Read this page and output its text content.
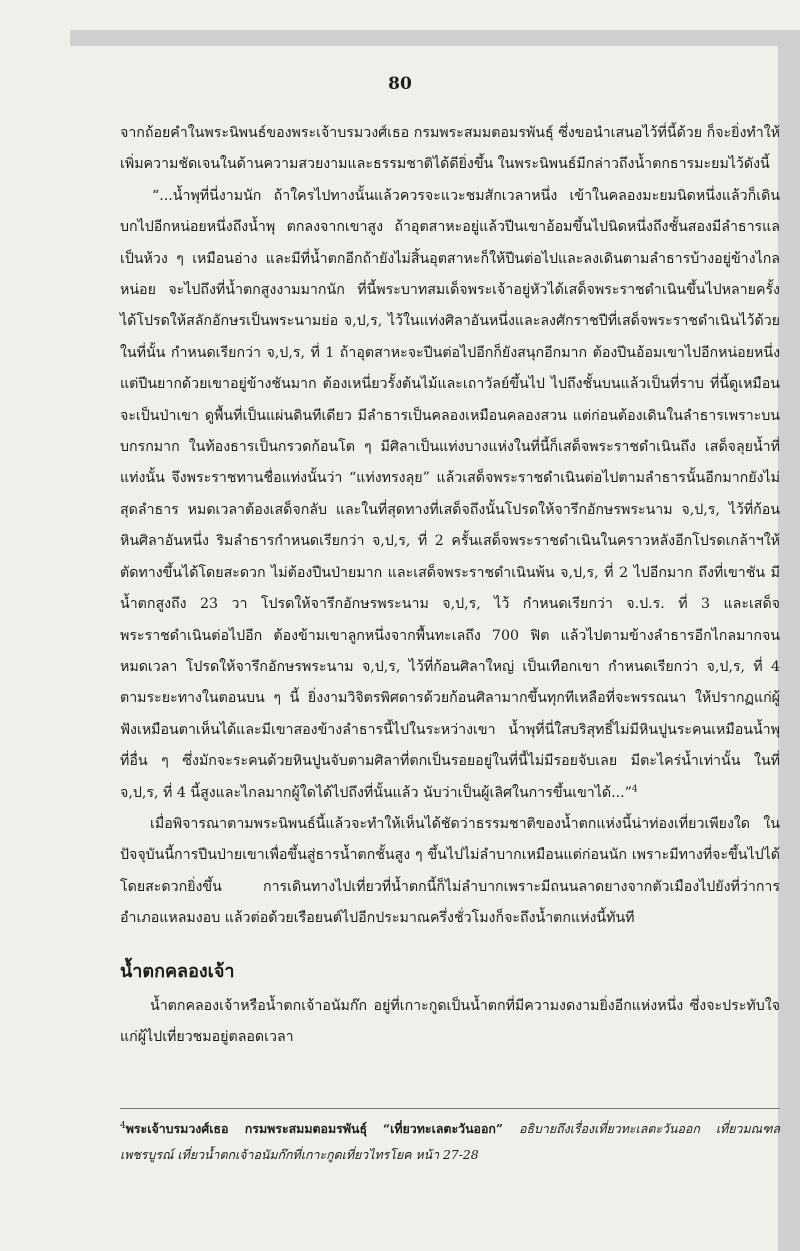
80

จากถ้อยคำในพระนิพนธ์ของพระเจ้าบรมวงศ์เธอ กรมพระสมมตอมรพันธุ์ ซึ่งขอนำเสนอไว้ที่นี้ด้วย ก็จะยิ่งทำให้เพิ่มความชัดเจนในด้านความสวยงามและธรรมชาติได้ดียิ่งขึ้น ในพระนิพนธ์มีกล่าวถึงน้ำตกธารมะยมไว้ดังนี้

“...น้ำพุที่นี่งามนัก ถ้าใครไปทางนั้นแล้วควรจะแวะชมสักเวลาหนึ่ง เข้าในคลองมะยมนิดหนึ่งแล้วก็เดินบกไปอีกหน่อยหนึ่งถึงน้ำพุ ตกลงจากเขาสูง ถ้าอุตสาหะอยู่แล้วปีนเขาอ้อมขึ้นไปนิดหนึ่งถึงชั้นสองมีลำธารแลเป็นห้วง ๆ เหมือนอ่าง และมีที่น้ำตกอีกถ้ายังไม่สิ้นอุตสาหะก็ให้ปีนต่อไปและลงเดินตามลำธารบ้างอยู่ข้างไกลหน่อย จะไปถึงที่น้ำตกสูงงามมากนัก ที่นี้พระบาทสมเด็จพระเจ้าอยู่หัวได้เสด็จพระราชดำเนินขึ้นไปหลายครั้ง ได้โปรดให้สลักอักษรเป็นพระนามย่อ จ,ป,ร, ไว้ในแท่งศิลาอันหนึ่งและลงศักราชปีที่เสด็จพระราชดำเนินไว้ด้วยในที่นั้น กำหนดเรียกว่า จ,ป,ร, ที่ 1 ถ้าอุตสาหะจะปีนต่อไปอีกก็ยังสนุกอีกมาก ต้องปีนอ้อมเขาไปอีกหน่อยหนึ่ง แต่ปีนยากด้วยเขาอยู่ข้างชันมาก ต้องเหนี่ยวรั้งต้นไม้และเถาวัลย์ขึ้นไป ไปถึงชั้นบนแล้วเป็นที่ราบ ที่นี้ดูเหมือนจะเป็นป่าเขา ดูพื้นที่เป็นแผ่นดินทีเดียว มีลำธารเป็นคลองเหมือนคลองสวน แต่ก่อนต้องเดินในลำธารเพราะบนบกรกมาก ในท้องธารเป็นกรวดก้อนโต ๆ มีศิลาเป็นแท่งบางแห่งในที่นี้ก็เสด็จพระราชดำเนินถึง เสด็จลุยน้ำที่แท่งนั้น จึงพระราชทานชื่อแท่งนั้นว่า “แท่งทรงลุย” แล้วเสด็จพระราชดำเนินต่อไปตามลำธารนั้นอีกมากยังไม่สุดลำธาร หมดเวลาต้องเสด็จกลับ และในที่สุดทางที่เสด็จถึงนั้นโปรดให้จารึกอักษรพระนาม จ,ป,ร, ไว้ที่ก้อนหินศิลาอันหนึ่ง ริมลำธารกำหนดเรียกว่า จ,ป,ร, ที่ 2 ครั้นเสด็จพระราชดำเนินในคราวหลังอีกโปรดเกล้าฯให้ตัดทางขึ้นได้โดยสะดวก ไม่ต้องปีนป่ายมาก และเสด็จพระราชดำเนินพ้น จ,ป,ร, ที่ 2 ไปอีกมาก ถึงที่เขาชัน มีน้ำตกสูงถึง 23 วา โปรดให้จารึกอักษรพระนาม จ,ป,ร, ไว้ กำหนดเรียกว่า จ.ป.ร. ที่ 3 และเสด็จพระราชดำเนินต่อไปอีก ต้องข้ามเขาลูกหนึ่งจากพื้นทะเลถึง 700 ฟิต แล้วไปตามข้างลำธารอีกไกลมากจนหมดเวลา โปรดให้จารึกอักษรพระนาม จ,ป,ร, ไว้ที่ก้อนศิลาใหญ่ เป็นเทือกเขา กำหนดเรียกว่า จ,ป,ร, ที่ 4 ตามระยะทางในตอนบน ๆ นี้ ยิ่งงามวิจิตรพิศดารด้วยก้อนศิลามากขึ้นทุกทีเหลือที่จะพรรณนา ให้ปรากฏแก่ผู้ฟังเหมือนตาเห็นได้และมีเขาสองข้างลำธารนี้ไปในระหว่างเขา น้ำพุที่นี่ใสบริสุทธิ์ไม่มีหินปูนระคนเหมือนน้ำพุที่อื่น ๆ ซึ่งมักจะระคนด้วยหินปูนจับตามศิลาที่ตกเป็นรอยอยู่ในที่นี้ไม่มีรอยจับเลย มีตะไคร่น้ำเท่านั้น ในที่ จ,ป,ร, ที่ 4 นี้สูงและไกลมากผู้ใดได้ไปถึงที่นั้นแล้ว นับว่าเป็นผู้เลิศในการขึ้นเขาได้...”$^4$

เมื่อพิจารณาตามพระนิพนธ์นี้แล้วจะทำให้เห็นได้ชัดว่าธรรมชาติของน้ำตกแห่งนี้น่าท่องเที่ยวเพียงใด ในปัจจุบันนี้การปีนป่ายเขาเพื่อขึ้นสู่ธารน้ำตกชั้นสูง ๆ ขึ้นไปไม่ลำบากเหมือนแต่ก่อนนัก เพราะมีทางที่จะขึ้นไปได้โดยสะดวกยิ่งขึ้น การเดินทางไปเที่ยวที่น้ำตกนี้ก็ไม่ลำบากเพราะมีถนนลาดยางจากตัวเมืองไปยังที่ว่าการอำเภอแหลมงอบ แล้วต่อด้วยเรือยนต์ไปอีกประมาณครึ่งชั่วโมงก็จะถึงน้ำตกแห่งนี้ทันที

น้ำตกคลองเจ้า

น้ำตกคลองเจ้าหรือน้ำตกเจ้าอนัมก๊ก อยู่ที่เกาะกูดเป็นน้ำตกที่มีความงดงามยิ่งอีกแห่งหนึ่ง ซึ่งจะประทับใจแก่ผู้ไปเที่ยวชมอยู่ตลอดเวลา

$^4$พระเจ้าบรมวงศ์เธอ กรมพระสมมตอมรพันธุ์ “เที่ยวทะเลตะวันออก” อธิบายถึงเรื่องเที่ยวทะเลตะวันออก เที่ยวมณฑลเพชรบูรณ์ เที่ยวน้ำตกเจ้าอนัมก๊กที่เกาะกูดเที่ยวไทรโยค หน้า 27-28
